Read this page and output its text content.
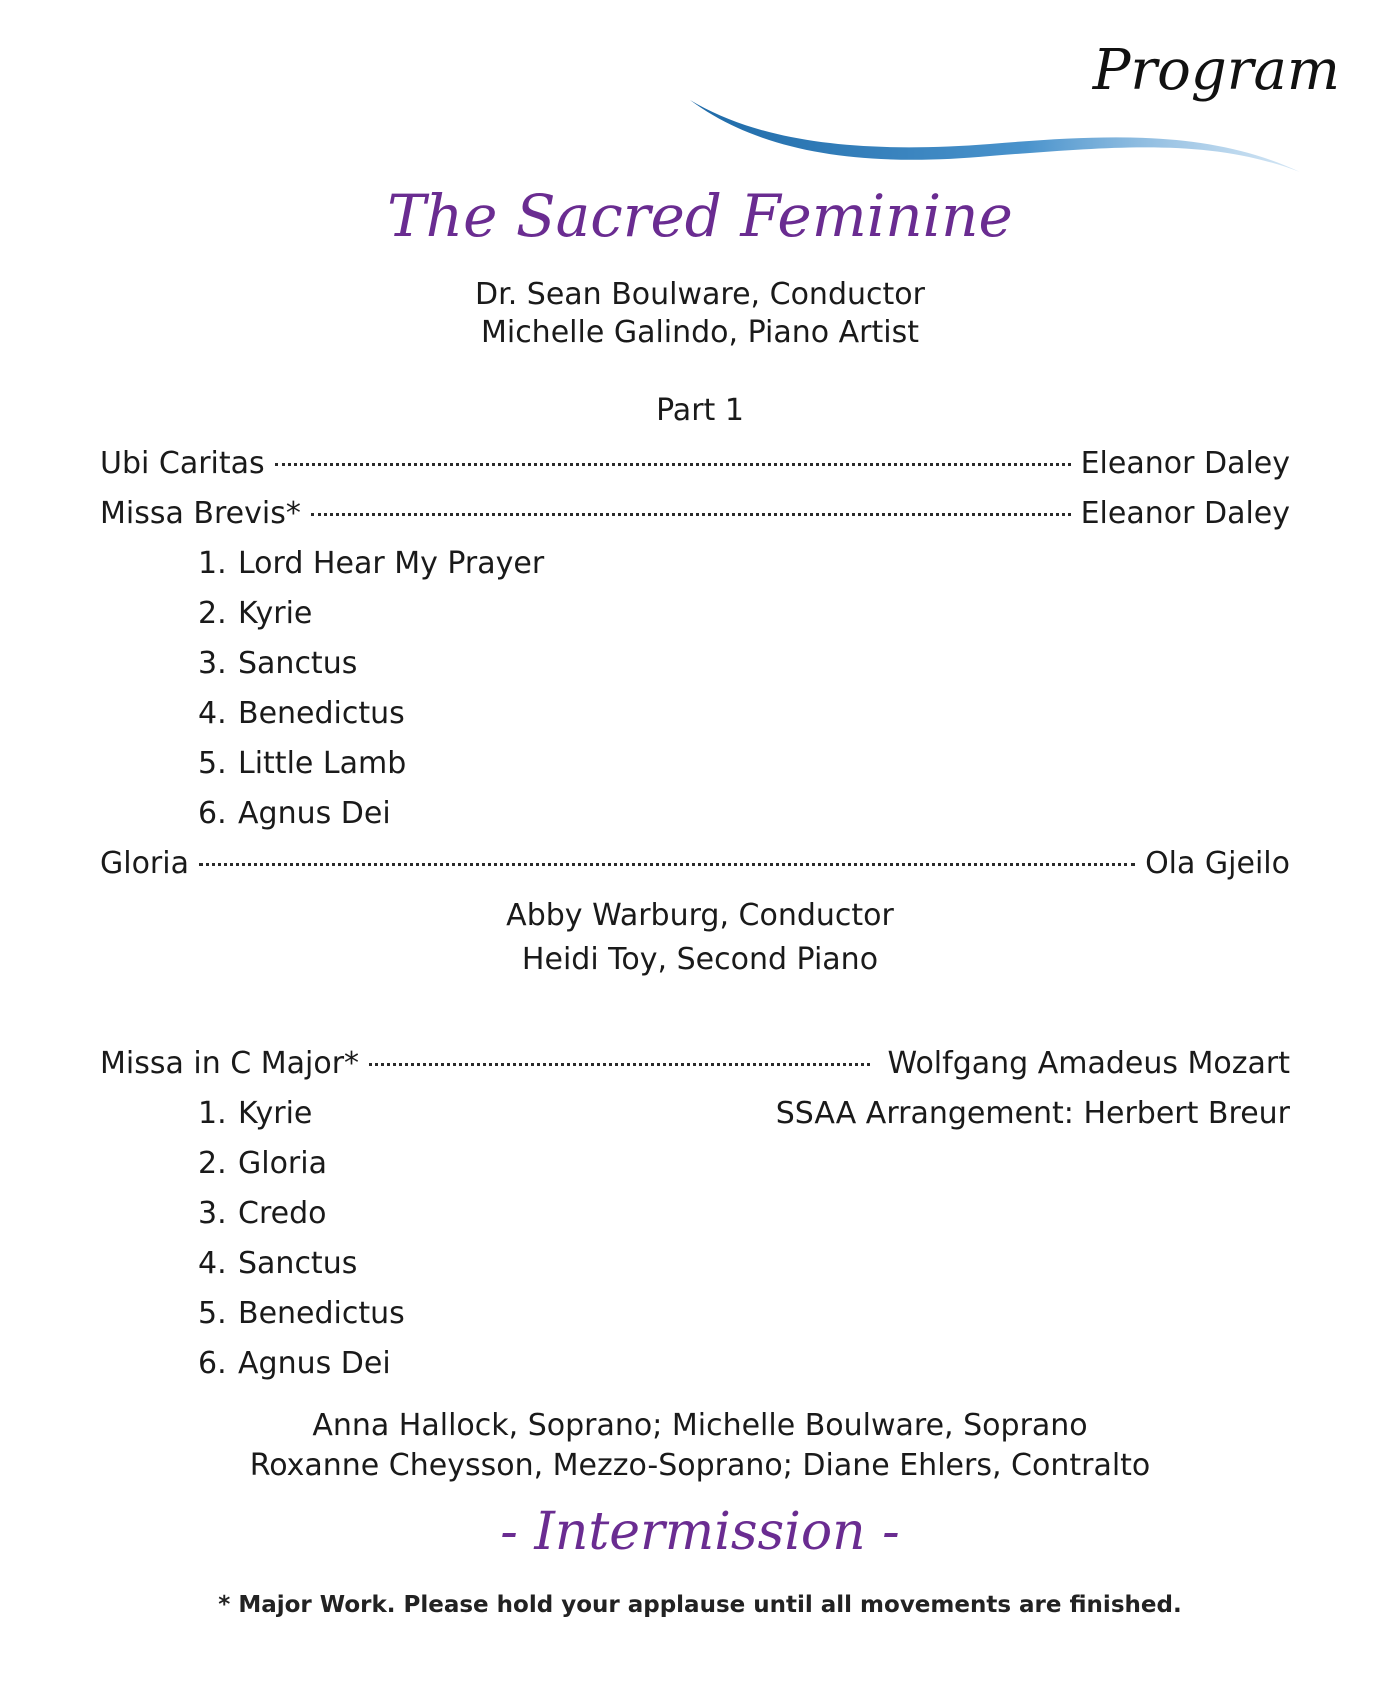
Program
The Sacred Feminine
Dr. Sean Boulware, Conductor
Michelle Galindo, Piano Artist
Part 1
Ubi Caritas	Eleanor Daley
Missa Brevis*	Eleanor Daley
1. Lord Hear My Prayer
2. Kyrie
3. Sanctus
4. Benedictus
5. Little Lamb
6. Agnus Dei
Gloria	Ola Gjeilo
Abby Warburg, Conductor
Heidi Toy, Second Piano
Missa in C Major*	Wolfgang Amadeus Mozart
SSAA Arrangement: Herbert Breur
1. Kyrie
2. Gloria
3. Credo
4. Sanctus
5. Benedictus
6. Agnus Dei
Anna Hallock, Soprano; Michelle Boulware, Soprano
Roxanne Cheysson, Mezzo-Soprano; Diane Ehlers, Contralto
- Intermission -
* Major Work. Please hold your applause until all movements are finished.
